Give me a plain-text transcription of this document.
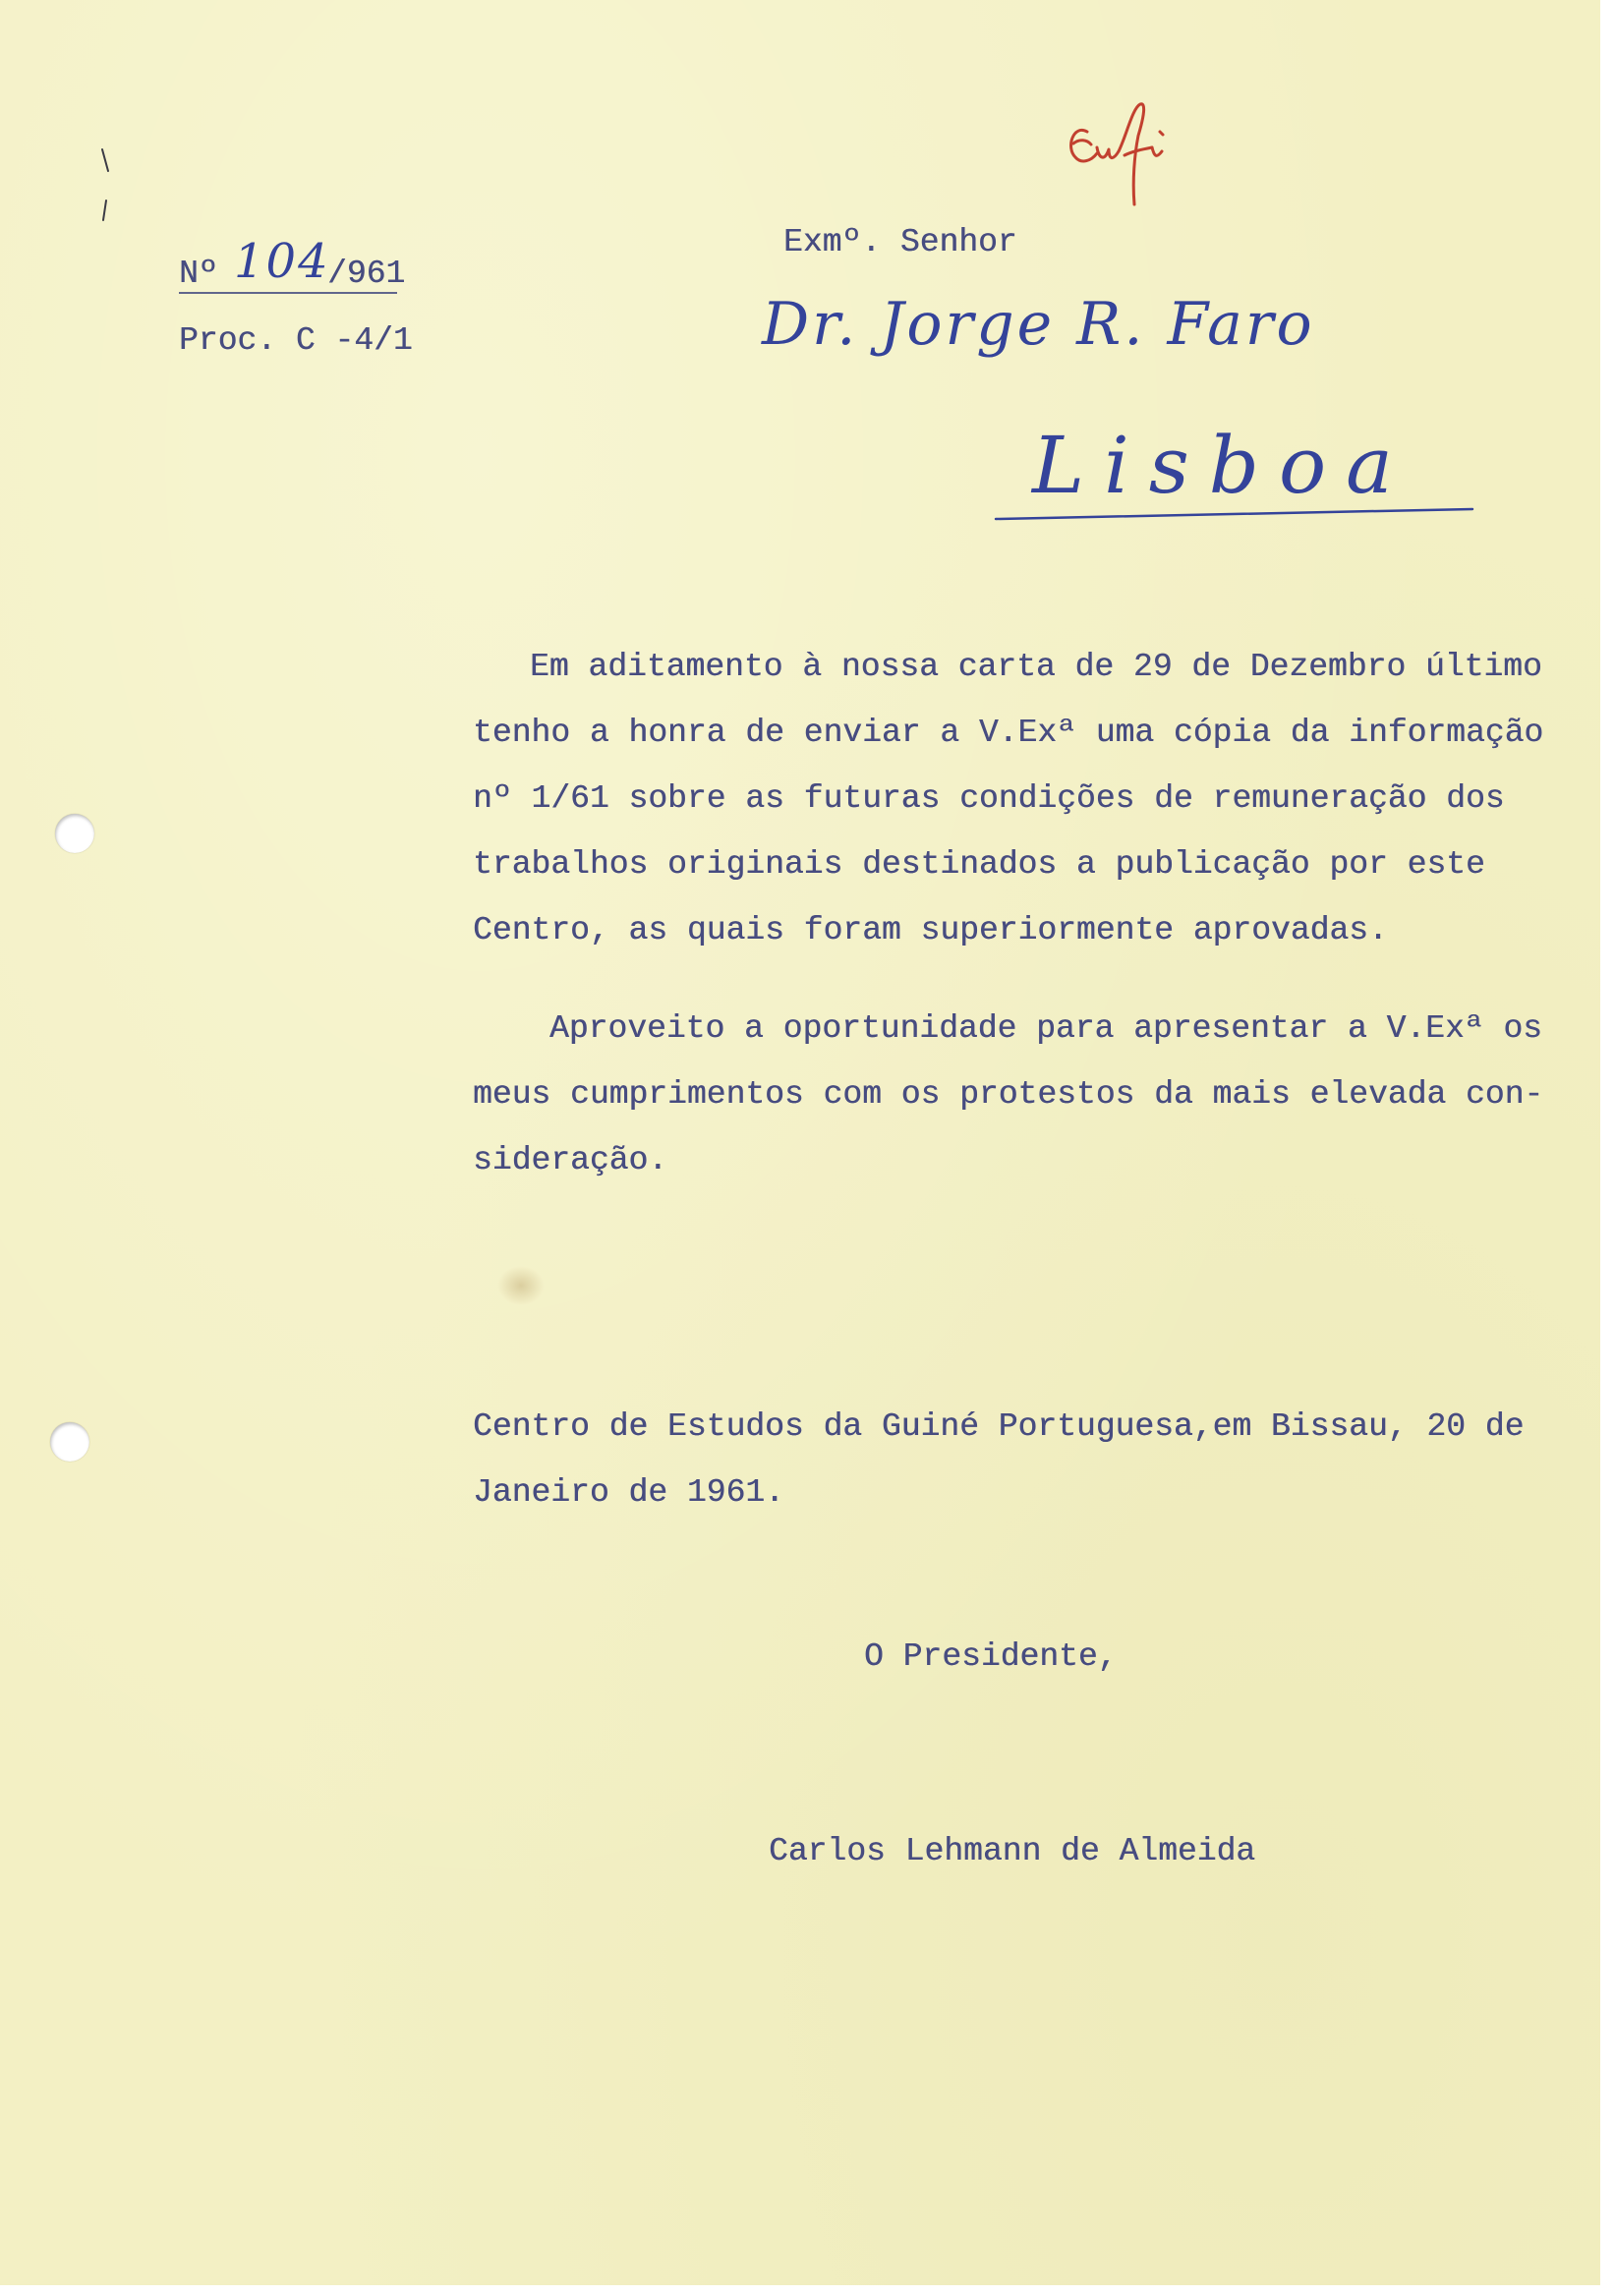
Nº 104
/961
Proc. C -4/1
Exmº. Senhor
Dr. Jorge R. Faro
Lisboa
Em aditamento à nossa carta de 29 de Dezembro último
tenho a honra de enviar a V.Exª uma cópia da informação
nº 1/61 sobre as futuras condições de remuneração dos
trabalhos originais destinados a publicação por este
Centro, as quais foram superiormente aprovadas.
Aproveito a oportunidade para apresentar a V.Exª os
meus cumprimentos com os protestos da mais elevada con-
sideração.
Centro de Estudos da Guiné Portuguesa,em Bissau, 20 de
Janeiro de 1961.
O Presidente,
Carlos Lehmann de Almeida
